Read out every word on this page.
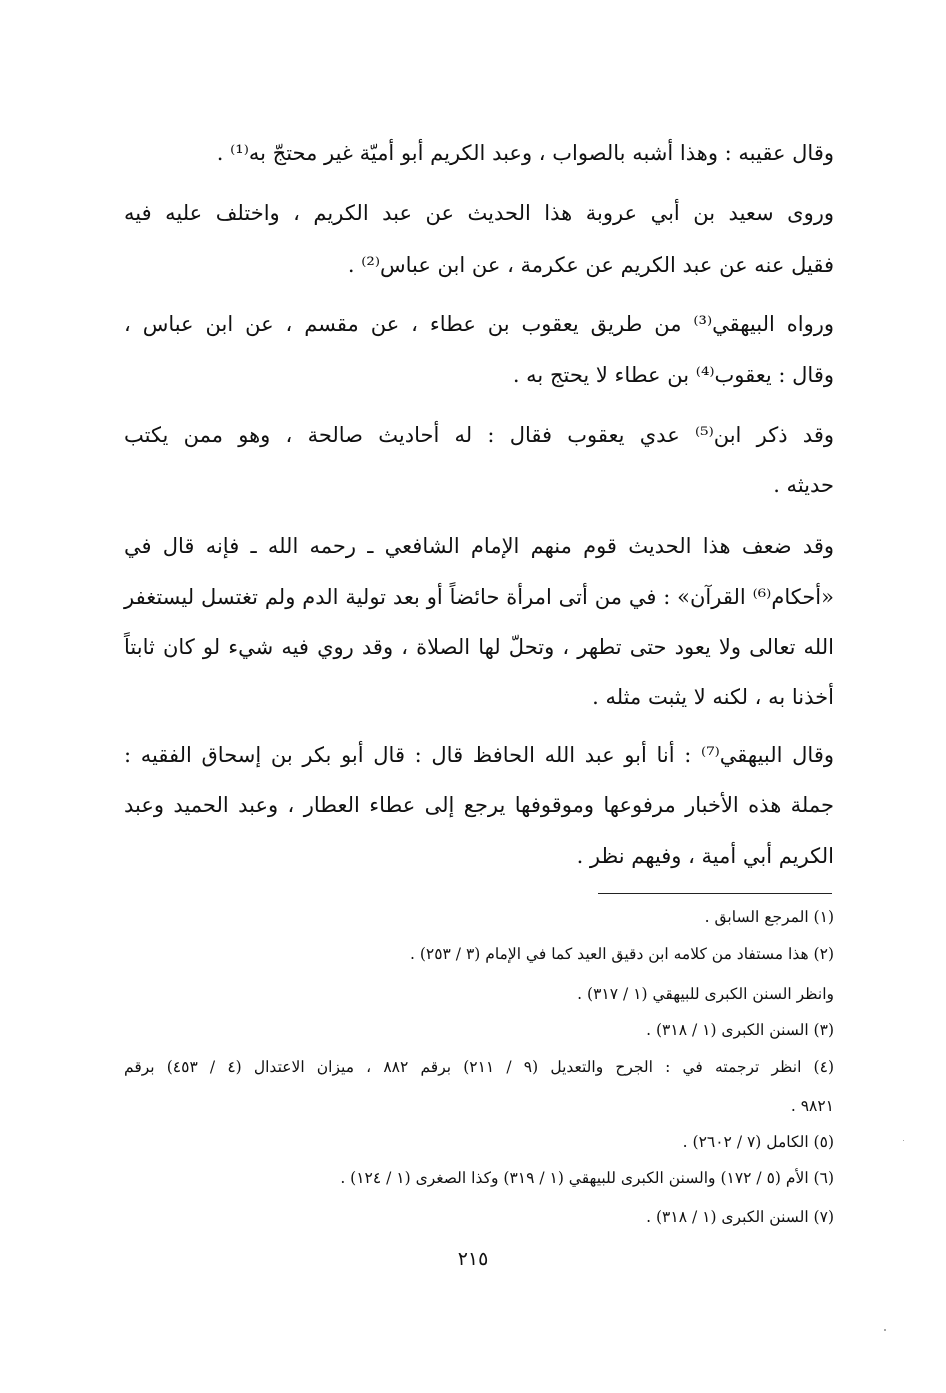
وقال عقيبه : وهذا أشبه بالصواب ، وعبد الكريم أبو أميّة غير محتجّ به⁽¹⁾ .
وروى سعيد بن أبي عروبة هذا الحديث عن عبد الكريم ، واختلف عليه فيه
فقيل عنه عن عبد الكريم عن عكرمة ، عن ابن عباس⁽²⁾ .
ورواه البيهقي⁽³⁾ من طريق يعقوب بن عطاء ، عن مقسم ، عن ابن عباس ،
وقال : يعقوب⁽⁴⁾ بن عطاء لا يحتج به .
وقد ذكر ابن⁽⁵⁾ عدي يعقوب فقال : له أحاديث صالحة ، وهو ممن يكتب
حديثه .
وقد ضعف هذا الحديث قوم منهم الإمام الشافعي ـ رحمه الله ـ فإنه قال في
«أحكام⁽⁶⁾ القرآن» : في من أتى امرأة حائضاً أو بعد تولية الدم ولم تغتسل ليستغفر
الله تعالى ولا يعود حتى تطهر ، وتحلّ لها الصلاة ، وقد روي فيه شيء لو كان ثابتاً
أخذنا به ، لكنه لا يثبت مثله .
وقال البيهقي⁽⁷⁾ : أنا أبو عبد الله الحافظ قال : قال أبو بكر بن إسحاق الفقيه :
جملة هذه الأخبار مرفوعها وموقوفها يرجع إلى عطاء العطار ، وعبد الحميد وعبد
الكريم أبي أمية ، وفيهم نظر .
(١) المرجع السابق .
(٢) هذا مستفاد من كلامه ابن دقيق العيد كما في الإمام (٣ / ٢٥٣) .
وانظر السنن الكبرى للبيهقي (١ / ٣١٧) .
(٣) السنن الكبرى (١ / ٣١٨) .
(٤) انظر ترجمته في : الجرح والتعديل (٩ / ٢١١) برقم ٨٨٢ ، ميزان الاعتدال (٤ / ٤٥٣) برقم
٩٨٢١ .
(٥) الكامل (٧ / ٢٦٠٢) .
(٦) الأم (٥ / ١٧٢) والسنن الكبرى للبيهقي (١ / ٣١٩) وكذا الصغرى (١ / ١٢٤) .
(٧) السنن الكبرى (١ / ٣١٨) .
٢١٥
